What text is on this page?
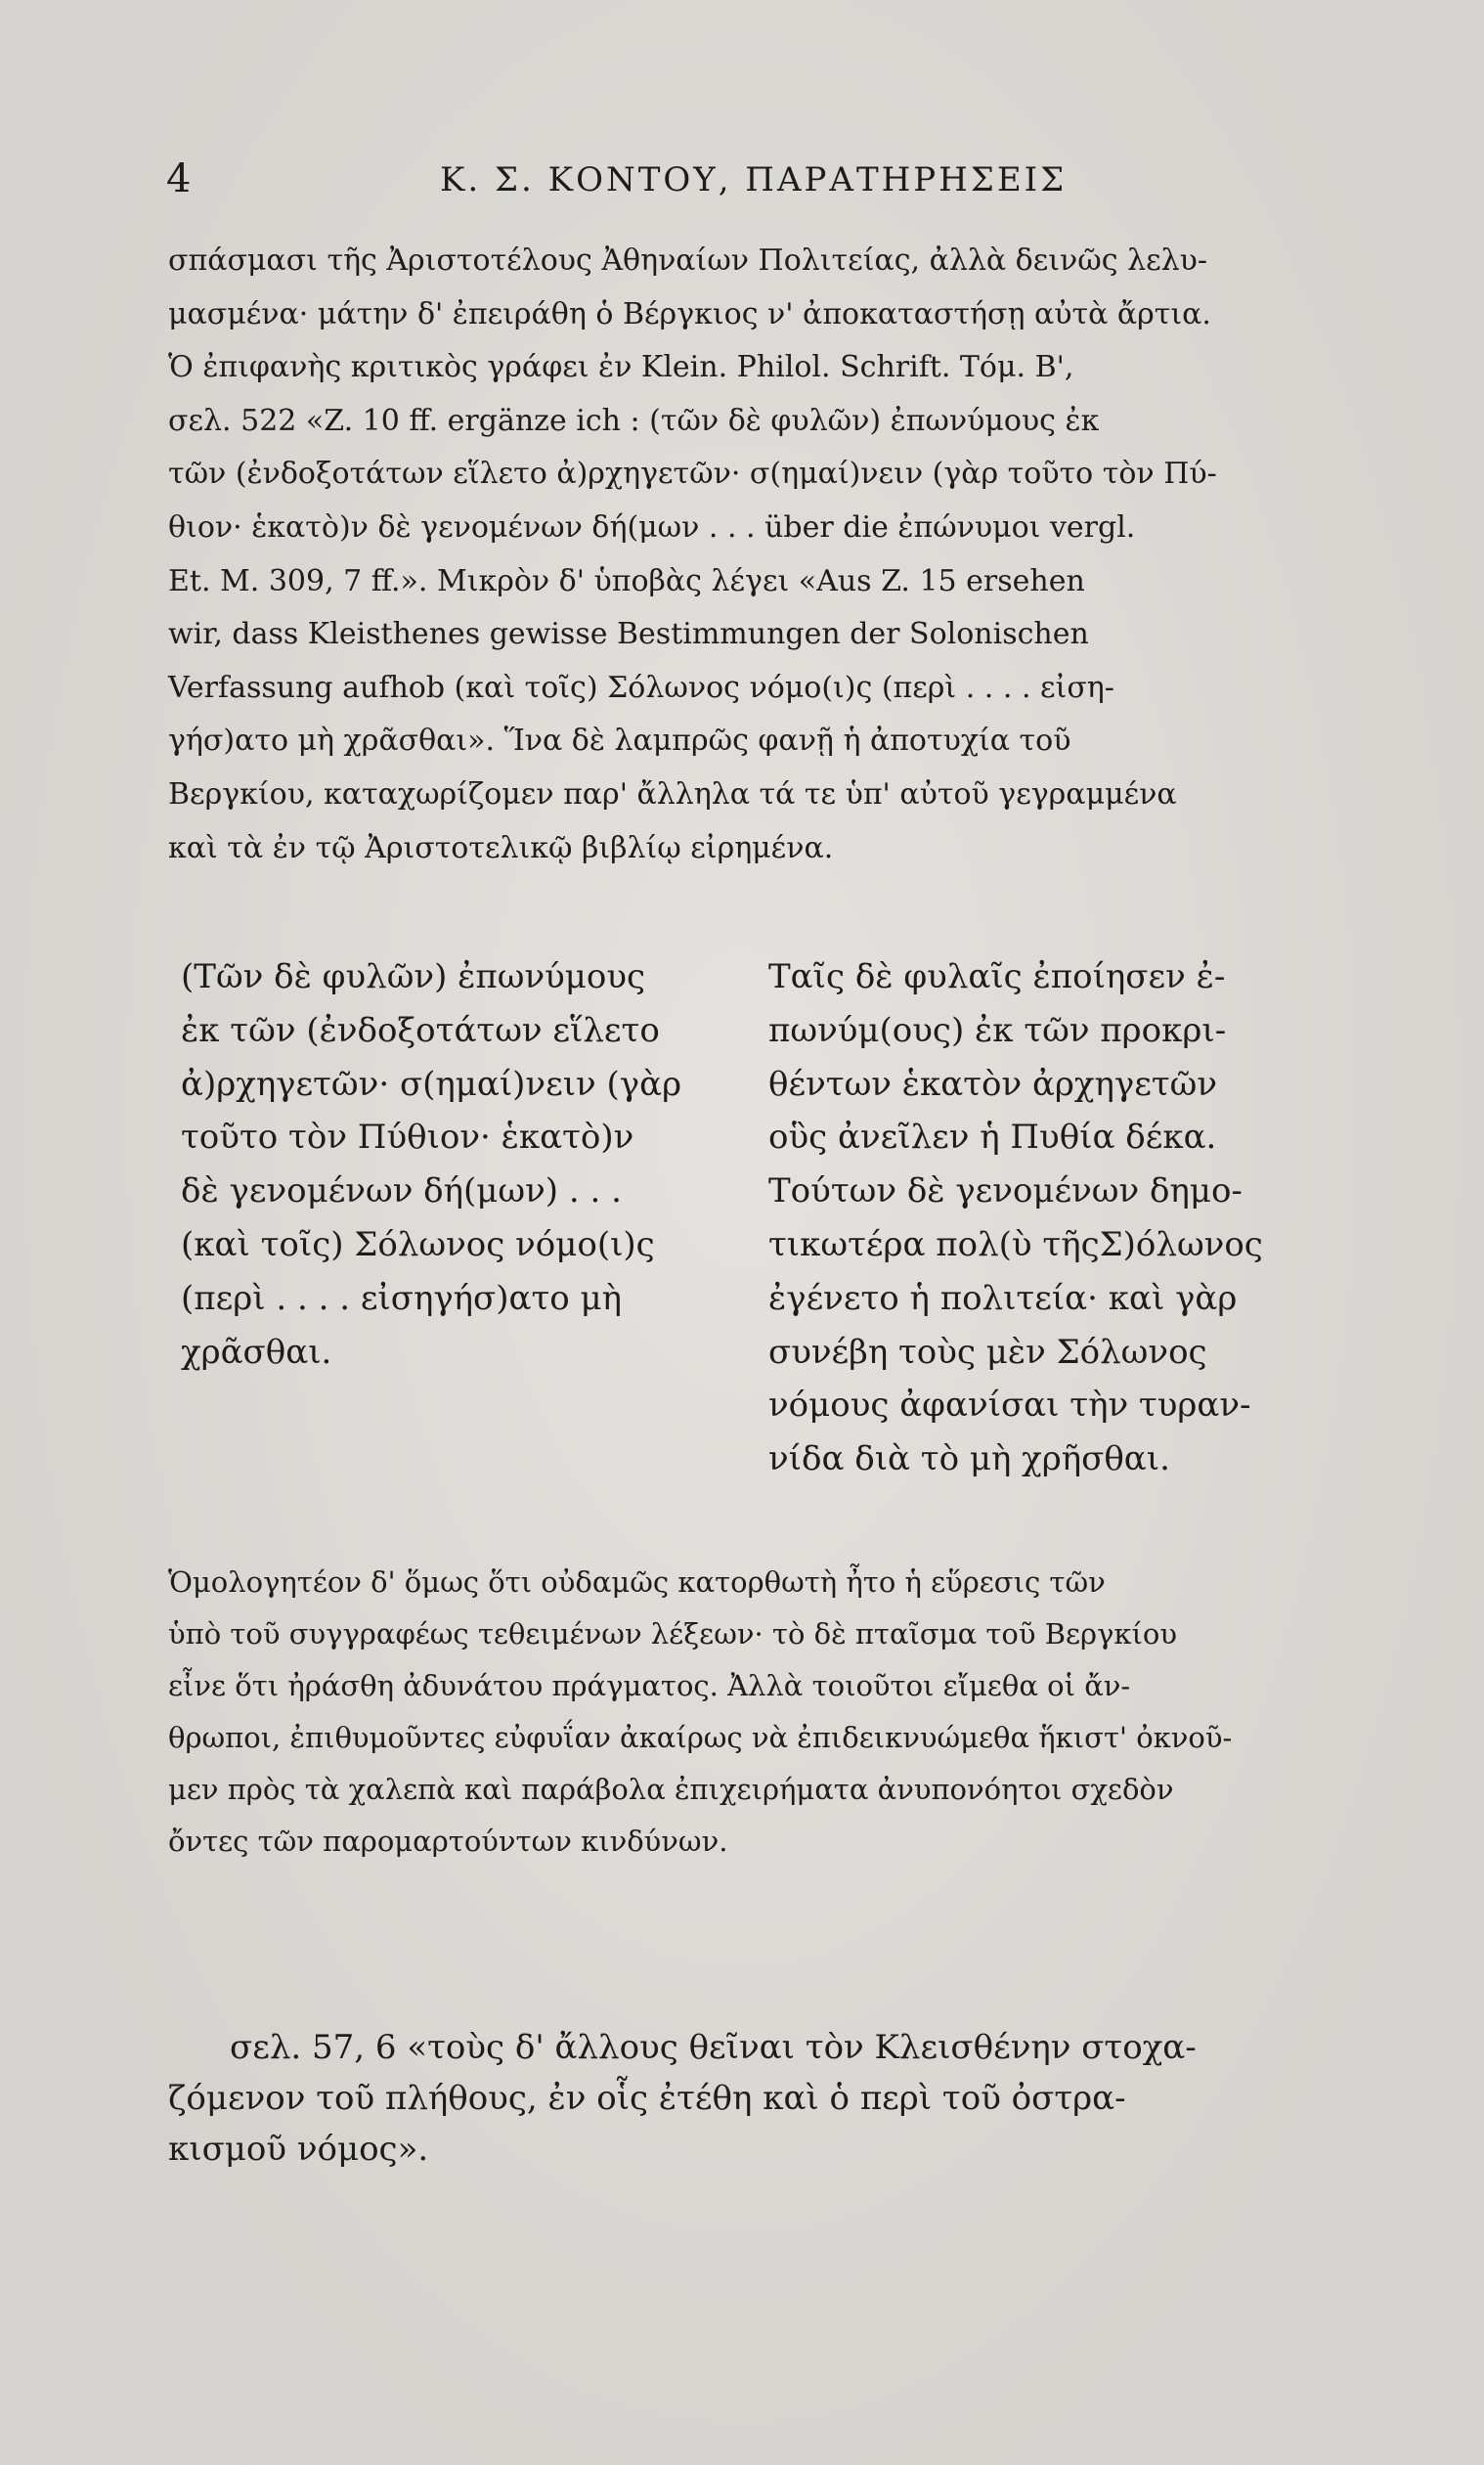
4	Κ. Σ. ΚΟΝΤΟΥ, ΠΑΡΑΤΗΡΗΣΕΙΣ

σπάσμασι τῆς Ἀριστοτέλους Ἀθηναίων Πολιτείας, ἀλλὰ δεινῶς λελυ-
μασμένα· μάτην δ' ἐπειράθη ὁ Βέργκιος ν' ἀποκαταστήσῃ αὐτὰ ἄρτια.
Ὁ ἐπιφανὴς κριτικὸς γράφει ἐν Klein. Philol. Schrift. Τόμ. Β',
σελ. 522 «Z. 10 ff. ergänze ich : (τῶν δὲ φυλῶν) ἐπωνύμους ἐκ
τῶν (ἐνδοξοτάτων εἵλετο ἀ)ρχηγετῶν· σ(ημαί)νειν (γὰρ τοῦτο τὸν Πύ-
θιον· ἑκατὸ)ν δὲ γενομένων δή(μων . . . über die ἐπώνυμοι vergl.
Et. M. 309, 7 ff.». Μικρὸν δ' ὑποβὰς λέγει «Aus Z. 15 ersehen
wir, dass Kleisthenes gewisse Bestimmungen der Solonischen
Verfassung aufhob (καὶ τοῖς) Σόλωνος νόμο(ι)ς (περὶ . . . . εἰση-
γήσ)ατο μὴ χρᾶσθαι». Ἵνα δὲ λαμπρῶς φανῇ ἡ ἀποτυχία τοῦ
Βεργκίου, καταχωρίζομεν παρ' ἄλληλα τά τε ὑπ' αὐτοῦ γεγραμμένα
καὶ τὰ ἐν τῷ Ἀριστοτελικῷ βιβλίῳ εἰρημένα.

(Τῶν δὲ φυλῶν) ἐπωνύμους
ἐκ τῶν (ἐνδοξοτάτων εἵλετο
ἀ)ρχηγετῶν· σ(ημαί)νειν (γὰρ
τοῦτο τὸν Πύθιον· ἑκατὸ)ν
δὲ γενομένων δή(μων) . . .
(καὶ τοῖς) Σόλωνος νόμο(ι)ς
(περὶ . . . . εἰσηγήσ)ατο μὴ
χρᾶσθαι.
Ταῖς δὲ φυλαῖς ἐποίησεν ἐ-
πωνύμ(ους) ἐκ τῶν προκρι-
θέντων ἑκατὸν ἀρχηγετῶν
οὓς ἀνεῖλεν ἡ Πυθία δέκα.
Τούτων δὲ γενομένων δημο-
τικωτέρα πολ(ὺ τῆςΣ)όλωνος
ἐγένετο ἡ πολιτεία· καὶ γὰρ
συνέβη τοὺς μὲν Σόλωνος
νόμους ἀφανίσαι τὴν τυραν-
νίδα διὰ τὸ μὴ χρῆσθαι.

Ὁμολογητέον δ' ὅμως ὅτι οὐδαμῶς κατορθωτὴ ἦτο ἡ εὕρεσις τῶν
ὑπὸ τοῦ συγγραφέως τεθειμένων λέξεων· τὸ δὲ πταῖσμα τοῦ Βεργκίου
εἶνε ὅτι ἠράσθη ἀδυνάτου πράγματος. Ἀλλὰ τοιοῦτοι εἴμεθα οἱ ἄν-
θρωποι, ἐπιθυμοῦντες εὐφυΐαν ἀκαίρως νὰ ἐπιδεικνυώμεθα ἥκιστ' ὀκνοῦ-
μεν πρὸς τὰ χαλεπὰ καὶ παράβολα ἐπιχειρήματα ἀνυπονόητοι σχεδὸν
ὄντες τῶν παρομαρτούντων κινδύνων.

σελ. 57, 6 «τοὺς δ' ἄλλους θεῖναι τὸν Κλεισθένην στοχα-
ζόμενον τοῦ πλήθους, ἐν οἷς ἐτέθη καὶ ὁ περὶ τοῦ ὀστρα-
κισμοῦ νόμος».
